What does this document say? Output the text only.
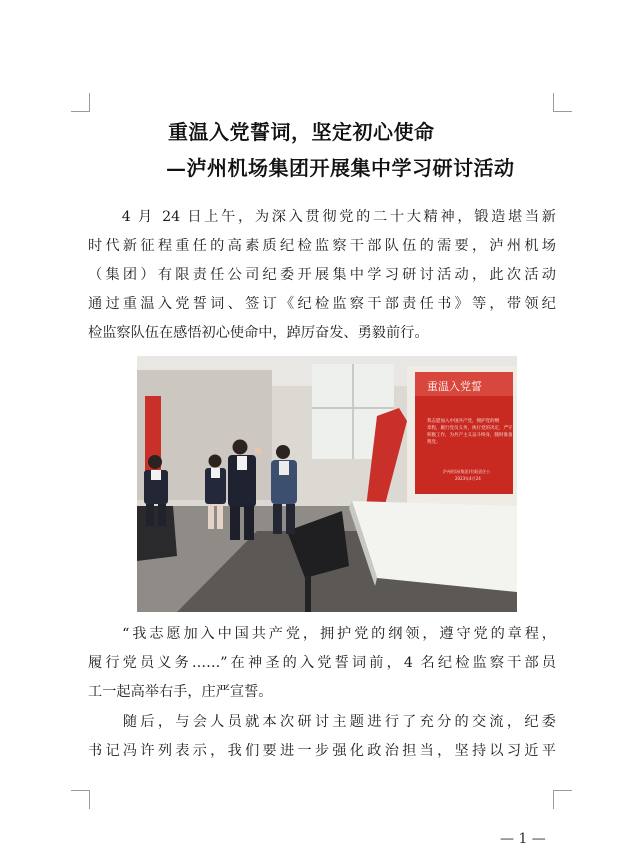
重温入党誓词，坚定初心使命
—泸州机场集团开展集中学习研讨活动
　　4 月 24 日上午，为深入贯彻党的二十大精神，锻造堪当新
时代新征程重任的高素质纪检监察干部队伍的需要，泸州机场
（集团）有限责任公司纪委开展集中学习研讨活动，此次活动
通过重温入党誓词、签订《纪检监察干部责任书》等，带领纪
检监察队伍在感悟初心使命中，踔厉奋发、勇毅前行。
重温入党誓
我志愿加入中国共产党，拥护党的纲
章程，履行党员义务，执行党的决定，严守
积极工作，为共产主义奋斗终身，随时准备
叛党。
泸州机场(集团)有限责任公
2023年4月24
　　“我志愿加入中国共产党，拥护党的纲领，遵守党的章程，
履行党员义务……”在神圣的入党誓词前，4 名纪检监察干部员
工一起高举右手，庄严宣誓。
　　随后，与会人员就本次研讨主题进行了充分的交流，纪委
书记冯许列表示，我们要进一步强化政治担当，坚持以习近平
— 1 —
